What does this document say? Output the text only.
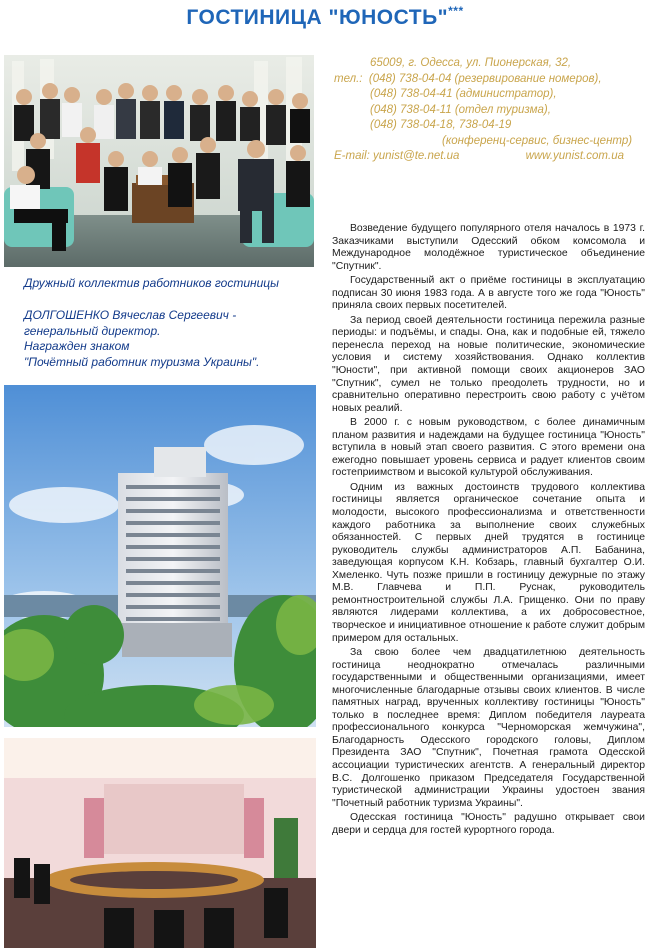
ГОСТИНИЦА "ЮНОСТЬ"***
65009, г. Одесса, ул. Пионерская, 32,
тел.: (048) 738-04-04 (резервирование номеров),
(048) 738-04-41 (администратор),
(048) 738-04-11 (отдел туризма),
(048) 738-04-18, 738-04-19
(конференц-сервис, бизнес-центр)
E-mail: yunist@te.net.ua	www.yunist.com.ua
Дружный коллектив работников гостиницы
ДОЛГОШЕНКО Вячеслав Сергеевич -
генеральный директор.
Награжден знаком
"Почётный работник туризма Украины".

Возведение будущего популярного отеля началось в 1973 г. Заказчиками выступили Одесский обком комсомола и Международное молодёжное туристическое объединение "Спутник".

Государственный акт о приёме гостиницы в эксплуатацию подписан 30 июня 1983 года. А в августе того же года "Юность" приняла своих первых посетителей.

За период своей деятельности гостиница пережила разные периоды: и подъёмы, и спады. Она, как и подобные ей, тяжело перенесла переход на новые политические, экономические условия и систему хозяйствования. Однако коллектив "Юности", при активной помощи своих акционеров ЗАО "Спутник", сумел не только преодолеть трудности, но и сравнительно оперативно перестроить свою работу с учётом новых реалий.

В 2000 г. с новым руководством, с более динамичным планом развития и надеждами на будущее гостиница "Юность" вступила в новый этап своего развития. С этого времени она ежегодно повышает уровень сервиса и радует клиентов своим гостеприимством и высокой культурой обслуживания.

Одним из важных достоинств трудового коллектива гостиницы является органическое сочетание опыта и молодости, высокого профессионализма и ответственности каждого работника за выполнение своих служебных обязанностей. С первых дней трудятся в гостинице руководитель службы администраторов А.П. Бабанина, заведующая корпусом К.Н. Кобзарь, главный бухгалтер О.И. Хмеленко. Чуть позже пришли в гостиницу дежурные по этажу М.В. Главчева и П.П. Руснак, руководитель ремонтностроительной службы Л.А. Грищенко. Они по праву являются лидерами коллектива, а их добросовестное, творческое и инициативное отношение к работе служит добрым примером для остальных.

За свою более чем двадцатилетнюю деятельность гостиница неоднократно отмечалась различными государственными и общественными организациями, имеет многочисленные благодарные отзывы своих клиентов. В числе памятных наград, врученных коллективу гостиницы "Юность" только в последнее время: Диплом победителя лауреата профессионального конкурса "Черноморская жемчужина", Благодарность Одесского городского головы, Диплом Президента ЗАО "Спутник", Почетная грамота Одесской ассоциации туристических агентств. А генеральный директор В.С. Долгошенко приказом Председателя Государственной туристической администрации Украины удостоен звания "Почетный работник туризма Украины".

Одесская гостиница "Юность" радушно открывает свои двери и сердца для гостей курортного города.
